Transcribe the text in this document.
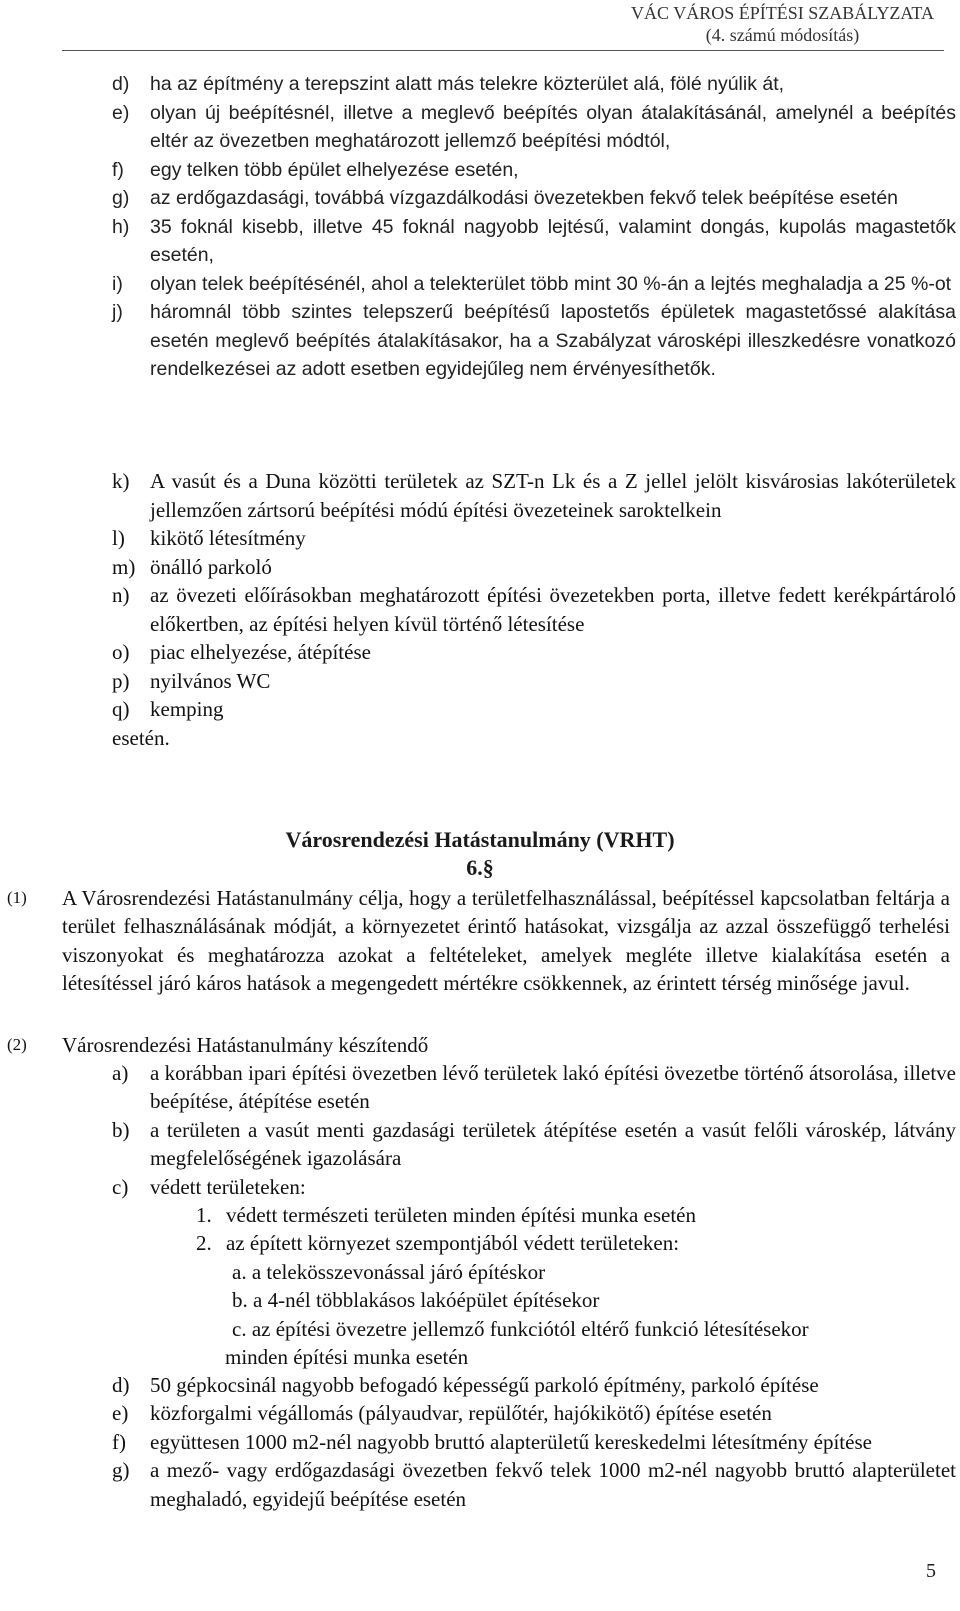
VÁC VÁROS ÉPÍTÉSI SZABÁLYZATA
(4. számú módosítás)
d) ha az építmény a terepszint alatt más telekre közterület alá, fölé nyúlik át,
e) olyan új beépítésnél, illetve a meglevő beépítés olyan átalakításánál, amelynél a beépítés eltér az övezetben meghatározott jellemző beépítési módtól,
f) egy telken több épület elhelyezése esetén,
g) az erdőgazdasági, továbbá vízgazdálkodási övezetekben fekvő telek beépítése esetén
h) 35 foknál kisebb, illetve 45 foknál nagyobb lejtésű, valamint dongás, kupolás magastetők esetén,
i) olyan telek beépítésénél, ahol a telekterület több mint 30 %-án a lejtés meghaladja a 25 %-ot
j) háromnál több szintes telepszerű beépítésű lapostetős épületek magastetőssé alakítása esetén meglevő beépítés átalakításakor, ha a Szabályzat városképi illeszkedésre vonatkozó rendelkezései az adott esetben egyidejűleg nem érvényesíthetők.
k) A vasút és a Duna közötti területek az SZT-n Lk és a Z jellel jelölt kisvárosias lakóterületek jellemzően zártsorú beépítési módú építési övezeteinek saroktelkein
l) kikötő létesítmény
m) önálló parkoló
n) az övezeti előírásokban meghatározott építési övezetekben porta, illetve fedett kerékpártároló előkertben, az építési helyen kívül történő létesítése
o) piac elhelyezése, átépítése
p) nyilvános WC
q) kemping
esetén.
Városrendezési Hatástanulmány (VRHT)
6.§
(1) A Városrendezési Hatástanulmány célja, hogy a területfelhasználással, beépítéssel kapcsolatban feltárja a terület felhasználásának módját, a környezetet érintő hatásokat, vizsgálja az azzal összefüggő terhelési viszonyokat és meghatározza azokat a feltételeket, amelyek megléte illetve kialakítása esetén a létesítéssel járó káros hatások a megengedett mértékre csökkennek, az érintett térség minősége javul.
(2) Városrendezési Hatástanulmány készítendő
a) a korábban ipari építési övezetben lévő területek lakó építési övezetbe történő átsorolása, illetve beépítése, átépítése esetén
b) a területen a vasút menti gazdasági területek átépítése esetén a vasút felőli városkép, látvány megfelelőségének igazolására
c) védett területeken:
1. védett természeti területen minden építési munka esetén
2. az épített környezet szempontjából védett területeken:
a. a telekösszevonással járó építéskor
b. a 4-nél többlakásos lakóépület építésekor
c. az építési övezetre jellemző funkciótól eltérő funkció létesítésekor
minden építési munka esetén
d) 50 gépkocsinál nagyobb befogadó képességű parkoló építmény, parkoló építése
e) közforgalmi végállomás (pályaudvar, repülőtér, hajókikötő) építése esetén
f) együttesen 1000 m2-nél nagyobb bruttó alapterületű kereskedelmi létesítmény építése
g) a mező- vagy erdőgazdasági övezetben fekvő telek 1000 m2-nél nagyobb bruttó alapterületet meghaladó, egyidejű beépítése esetén
5
